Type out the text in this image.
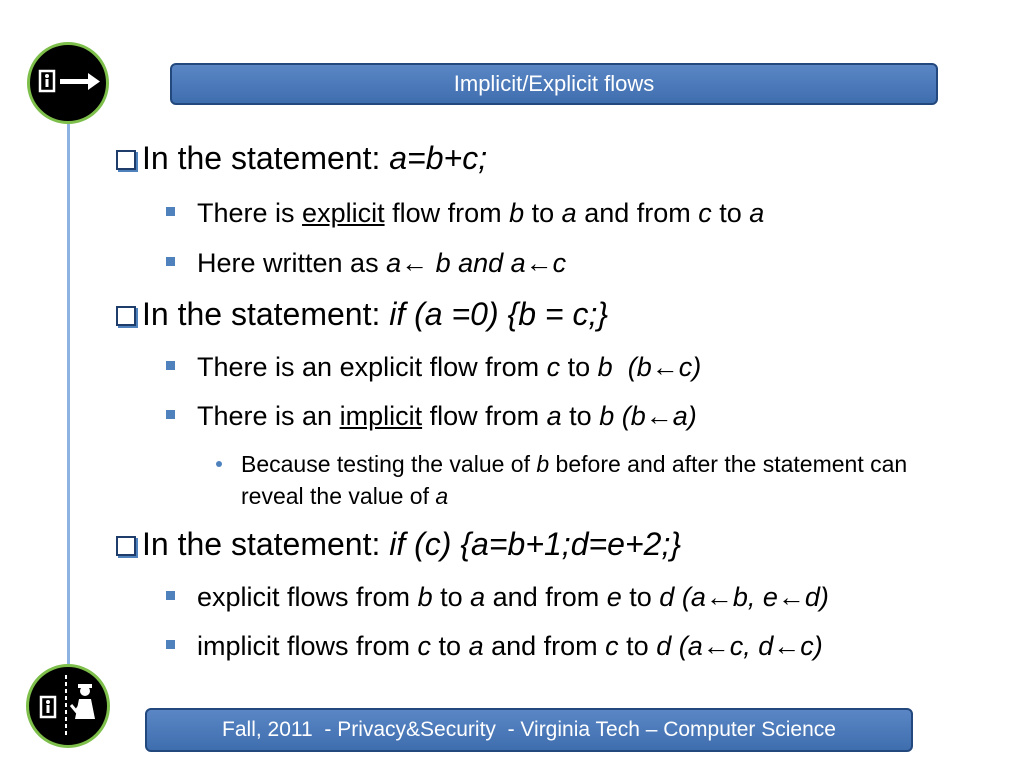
Implicit/Explicit flows
In the statement: a=b+c;
There is explicit flow from b to a and from c to a
Here written as a← b and a←c
In the statement: if (a =0) {b = c;}
There is an explicit flow from c to b (b←c)
There is an implicit flow from a to b (b←a)
Because testing the value of b before and after the statement can reveal the value of a
In the statement: if (c) {a=b+1;d=e+2;}
explicit flows from b to a and from e to d (a←b, e←d)
implicit flows from c to a and from c to d (a←c, d←c)
Fall, 2011  - Privacy&Security  - Virginia Tech – Computer Science
